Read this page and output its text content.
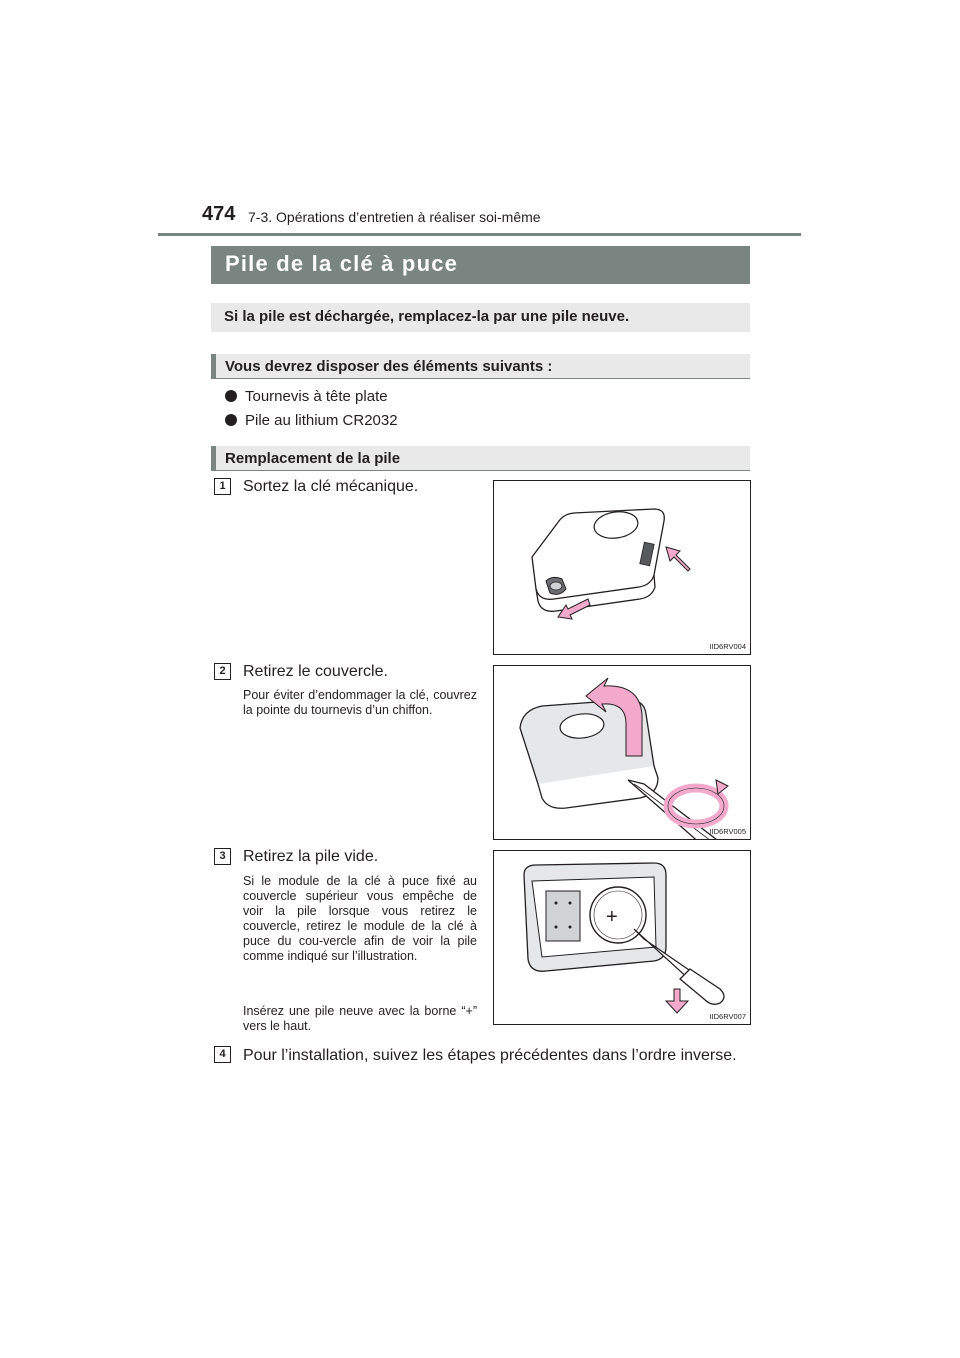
474 7-3. Opérations d’entretien à réaliser soi-même
Pile de la clé à puce
Si la pile est déchargée, remplacez-la par une pile neuve.
Vous devrez disposer des éléments suivants :
Tournevis à tête plate
Pile au lithium CR2032
Remplacement de la pile
1	Sortez la clé mécanique.
IID6RV004
2	Retirez le couvercle.
Pour éviter d’endommager la clé, couvrez la pointe du tournevis d’un chiffon.
IID6RV005
3	Retirez la pile vide.
Si le module de la clé à puce fixé au couvercle supérieur vous empêche de voir la pile lorsque vous retirez le couvercle, retirez le module de la clé à puce du cou-vercle afin de voir la pile comme indiqué sur l’illustration.
Insérez une pile neuve avec la borne “+” vers le haut.
+
IID6RV007
4	Pour l’installation, suivez les étapes précédentes dans l’ordre inverse.
